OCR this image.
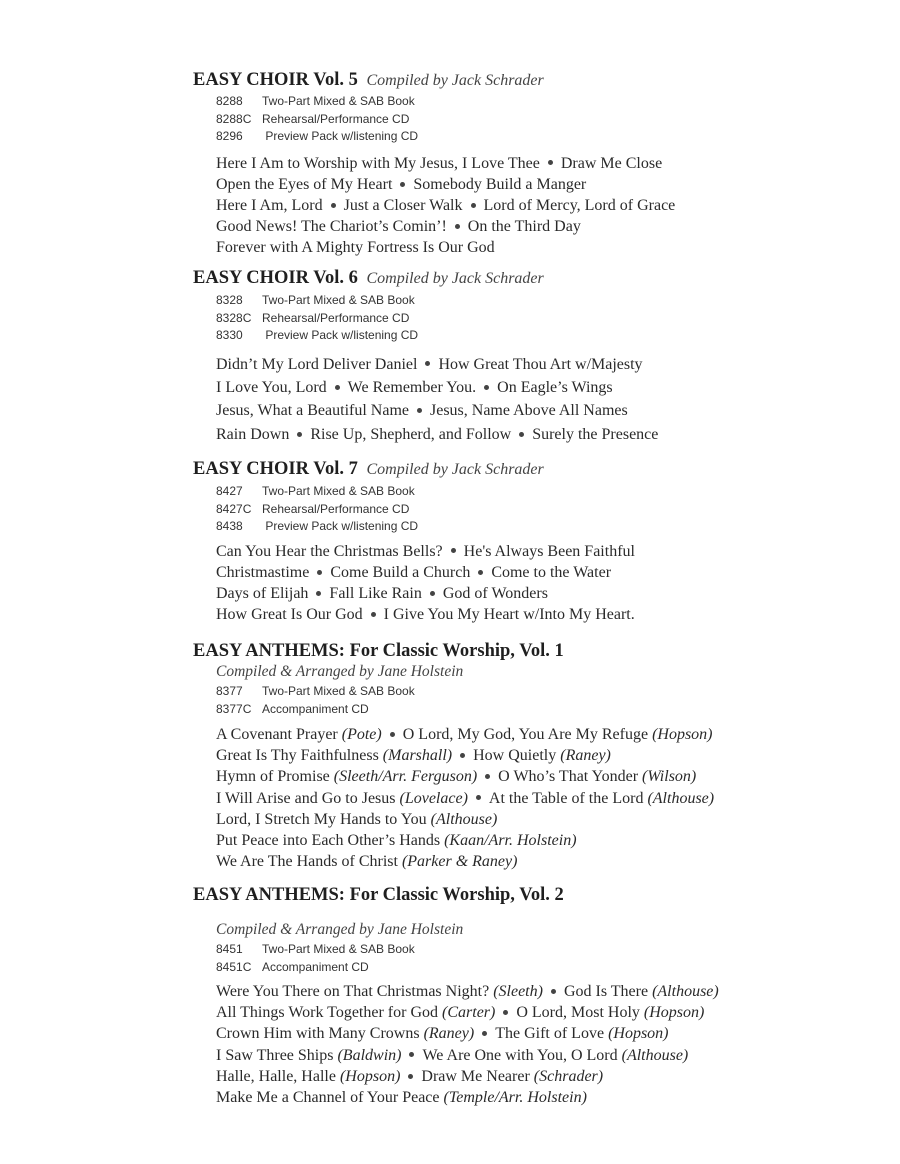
EASY CHOIR Vol. 5 Compiled by Jack Schrader
8288 Two-Part Mixed & SAB Book
8288C Rehearsal/Performance CD
8296 Preview Pack w/listening CD
Here I Am to Worship with My Jesus, I Love Thee Draw Me Close
Open the Eyes of My Heart Somebody Build a Manger
Here I Am, Lord Just a Closer Walk Lord of Mercy, Lord of Grace
Good News! The Chariot’s Comin’! On the Third Day
Forever with A Mighty Fortress Is Our God
EASY CHOIR Vol. 6 Compiled by Jack Schrader
8328 Two-Part Mixed & SAB Book
8328C Rehearsal/Performance CD
8330 Preview Pack w/listening CD
Didn’t My Lord Deliver Daniel How Great Thou Art w/Majesty
I Love You, Lord We Remember You. On Eagle’s Wings
Jesus, What a Beautiful Name Jesus, Name Above All Names
Rain Down Rise Up, Shepherd, and Follow Surely the Presence
EASY CHOIR Vol. 7 Compiled by Jack Schrader
8427 Two-Part Mixed & SAB Book
8427C Rehearsal/Performance CD
8438 Preview Pack w/listening CD
Can You Hear the Christmas Bells? He's Always Been Faithful
Christmastime Come Build a Church Come to the Water
Days of Elijah Fall Like Rain God of Wonders
How Great Is Our God I Give You My Heart w/Into My Heart.
EASY ANTHEMS: For Classic Worship, Vol. 1
Compiled & Arranged by Jane Holstein
8377 Two-Part Mixed & SAB Book
8377C Accompaniment CD
A Covenant Prayer (Pote) O Lord, My God, You Are My Refuge (Hopson)
Great Is Thy Faithfulness (Marshall) How Quietly (Raney)
Hymn of Promise (Sleeth/Arr. Ferguson) O Who’s That Yonder (Wilson)
I Will Arise and Go to Jesus (Lovelace) At the Table of the Lord (Althouse)
Lord, I Stretch My Hands to You (Althouse)
Put Peace into Each Other’s Hands (Kaan/Arr. Holstein)
We Are The Hands of Christ (Parker & Raney)
EASY ANTHEMS: For Classic Worship, Vol. 2
Compiled & Arranged by Jane Holstein
8451 Two-Part Mixed & SAB Book
8451C Accompaniment CD
Were You There on That Christmas Night? (Sleeth) God Is There (Althouse)
All Things Work Together for God (Carter) O Lord, Most Holy (Hopson)
Crown Him with Many Crowns (Raney) The Gift of Love (Hopson)
I Saw Three Ships (Baldwin) We Are One with You, O Lord (Althouse)
Halle, Halle, Halle (Hopson) Draw Me Nearer (Schrader)
Make Me a Channel of Your Peace (Temple/Arr. Holstein)
